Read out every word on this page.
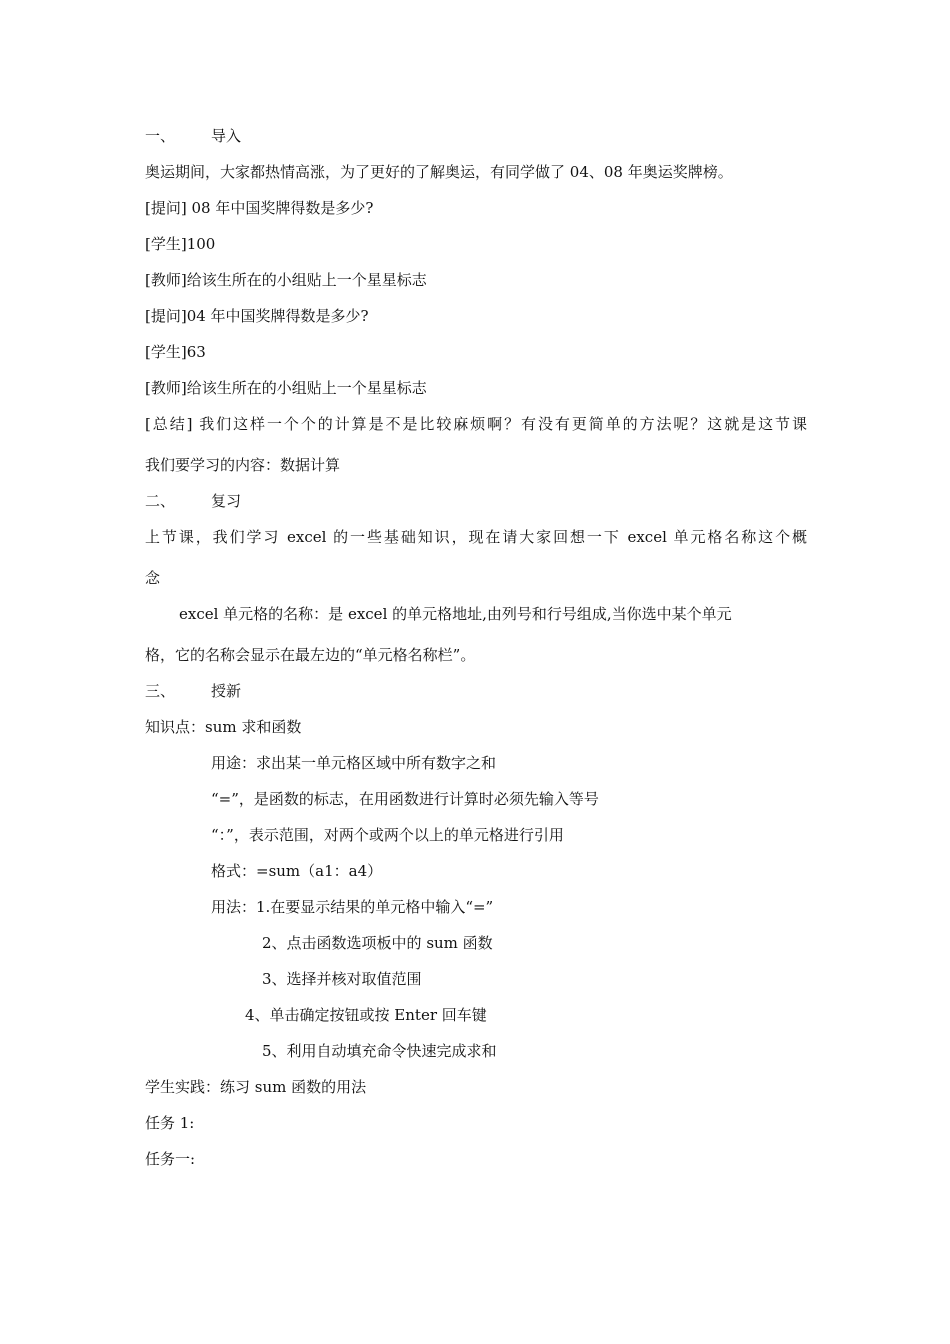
一、 导入
奥运期间，大家都热情高涨，为了更好的了解奥运，有同学做了 04、08 年奥运奖牌榜。
[提问] 08 年中国奖牌得数是多少?
[学生]100
[教师]给该生所在的小组贴上一个星星标志
[提问]04 年中国奖牌得数是多少?
[学生]63
[教师]给该生所在的小组贴上一个星星标志
[总结] 我们这样一个个的计算是不是比较麻烦啊？有没有更简单的方法呢？这就是这节课
我们要学习的内容：数据计算
二、 复习
上节课，我们学习 excel 的一些基础知识，现在请大家回想一下 excel 单元格名称这个概
念
excel 单元格的名称：是 excel 的单元格地址,由列号和行号组成,当你选中某个单元
格，它的名称会显示在最左边的“单元格名称栏”。
三、 授新
知识点：sum 求和函数
用途：求出某一单元格区域中所有数字之和
“=”，是函数的标志，在用函数进行计算时必须先输入等号
“：”，表示范围，对两个或两个以上的单元格进行引用
格式：=sum（a1：a4）
用法：1.在要显示结果的单元格中输入“=”
2、点击函数选项板中的 sum 函数
3、选择并核对取值范围
4、单击确定按钮或按 Enter 回车键
5、利用自动填充命令快速完成求和
学生实践：练习 sum 函数的用法
任务 1:
任务一:
